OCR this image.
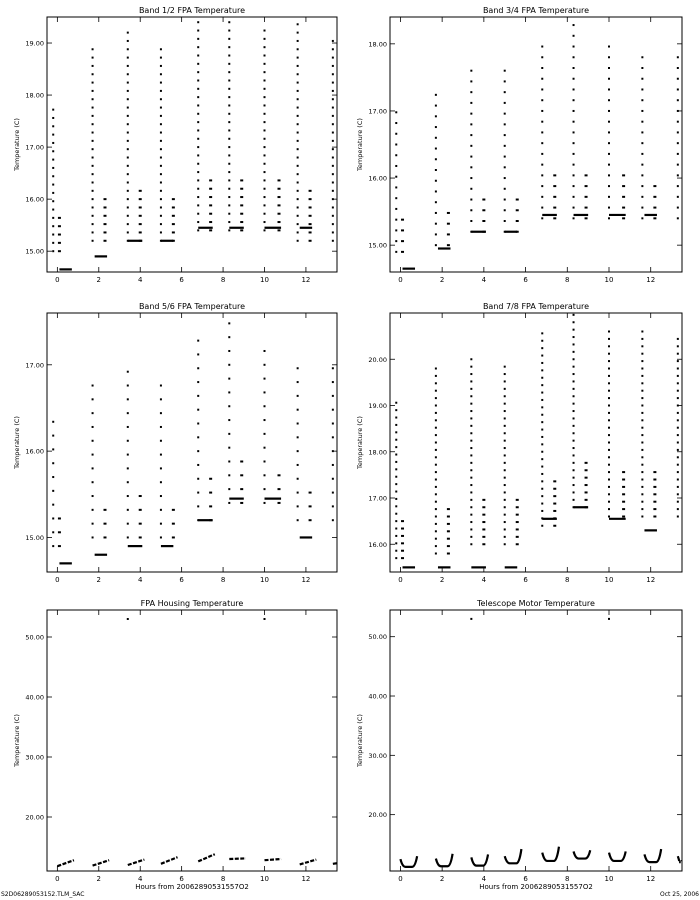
Band 1/2 FPA Temperature
0	2	4	6	8	10	12
15.00
16.00
17.00
18.00
19.00
Temperature (C)
Band 3/4 FPA Temperature
0	2	4	6	8	10	12
15.00
16.00
17.00
18.00
Temperature (C)
Band 5/6 FPA Temperature
0	2	4	6	8	10	12
15.00
16.00
17.00
Temperature (C)
Band 7/8 FPA Temperature
0	2	4	6	8	10	12
16.00
17.00
18.00
19.00
20.00
Temperature (C)
FPA Housing Temperature
0	2	4	6	8	10	12
20.00
30.00
40.00
50.00
Hours from 20062890531557O2
Temperature (C)
Telescope Motor Temperature
0	2	4	6	8	10	12
20.00
30.00
40.00
50.00
Hours from 20062890531557O2
Temperature (C)
S2D06289053152.TLM_SAC	Oct 25, 2006
